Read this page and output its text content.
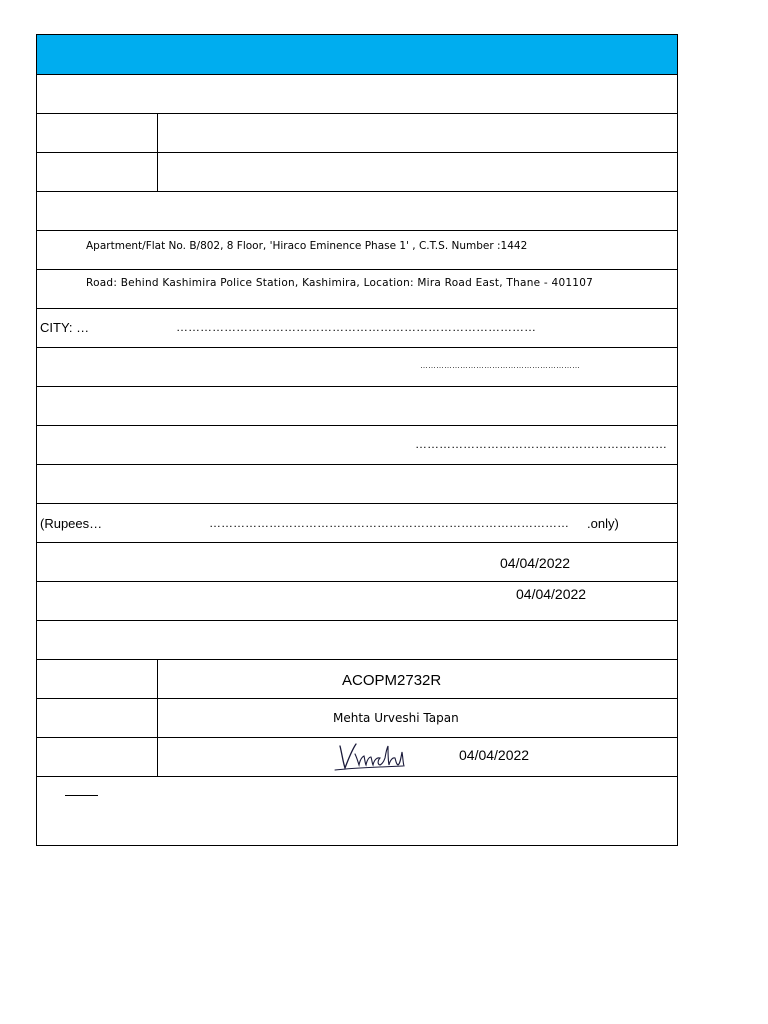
Apartment/Flat No. B/802, 8 Floor, 'Hiraco Eminence Phase 1' , C.T.S. Number :1442
Road: Behind Kashimira Police Station, Kashimira, Location: Mira Road East, Thane - 401107
CITY: …	………………………………………………………………………………
……………………………………………………
………………………………………………………
(Rupees…	………………………………………………………………………………	.only)
04/04/2022
04/04/2022
ACOPM2732R
Mehta Urveshi Tapan
04/04/2022
